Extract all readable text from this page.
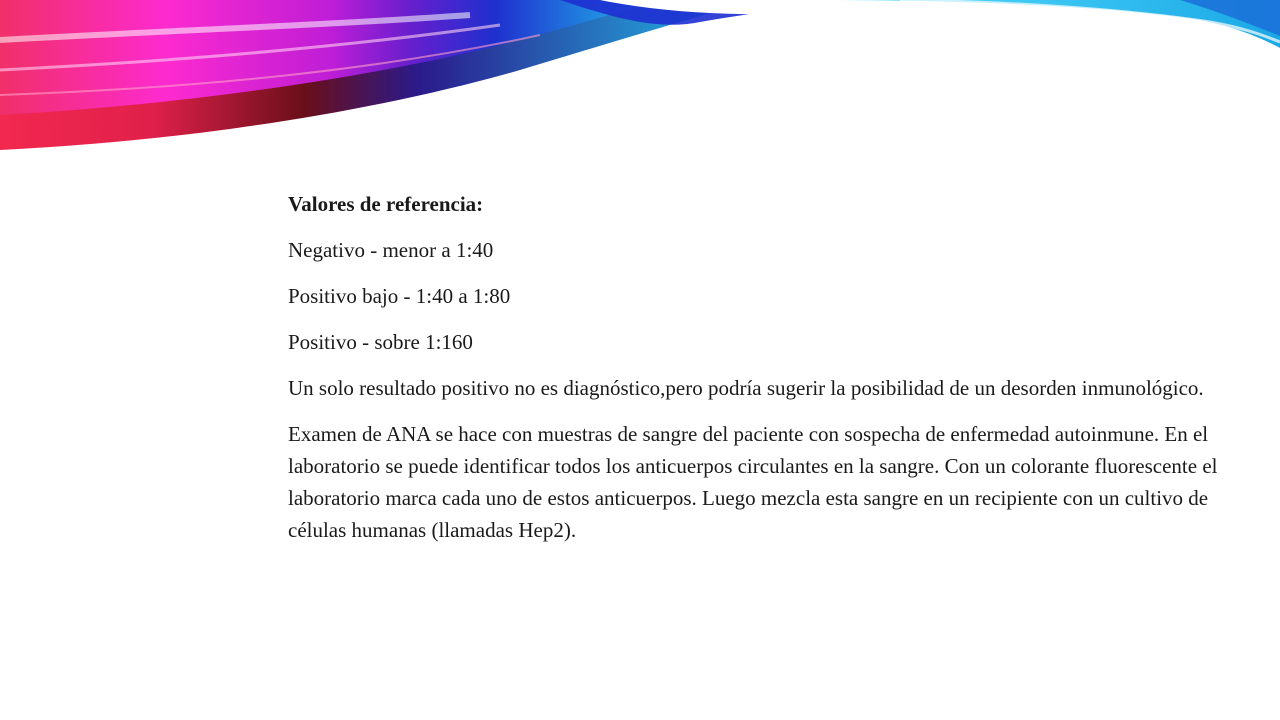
Valores de referencia:

Negativo - menor a 1:40

Positivo bajo - 1:40 a 1:80

Positivo - sobre 1:160

Un solo resultado positivo no es diagnóstico,pero podría sugerir la posibilidad de un desorden inmunológico.

Examen de ANA se hace con muestras de sangre del paciente con sospecha de enfermedad autoinmune. En el laboratorio se puede identificar todos los anticuerpos circulantes en la sangre. Con un colorante fluorescente el laboratorio marca cada uno de estos anticuerpos. Luego mezcla esta sangre en un recipiente con un cultivo de células humanas (llamadas Hep2).
